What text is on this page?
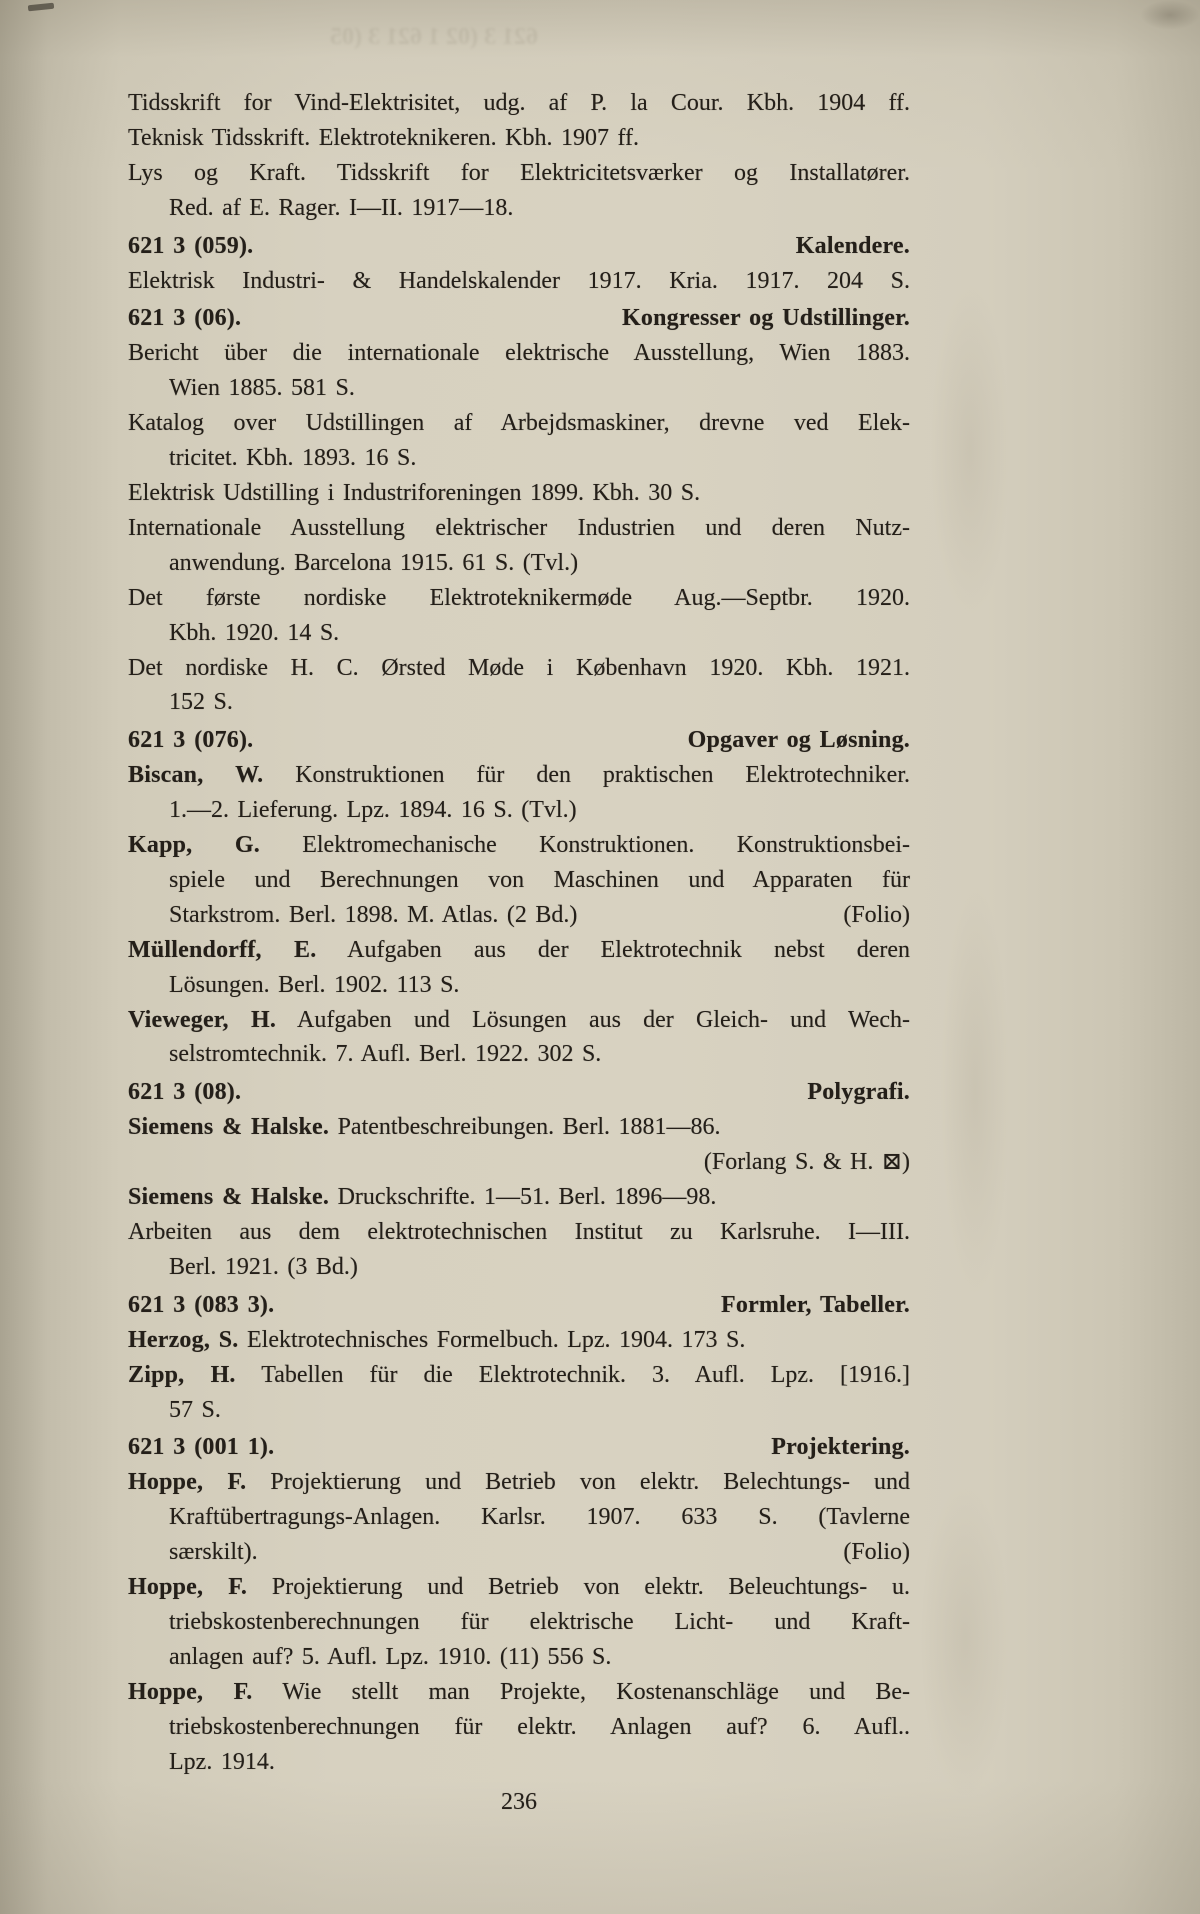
621 3 (02 1 621 3 (05
Tidsskrift for Vind-Elektrisitet, udg. af P. la Cour. Kbh. 1904 ff.
Teknisk Tidsskrift. Elektroteknikeren. Kbh. 1907 ff.
Lys og Kraft. Tidsskrift for Elektricitetsværker og Installatører.
Red. af E. Rager. I—II. 1917—18.
621 3 (059).	Kalendere.
Elektrisk Industri- & Handelskalender 1917. Kria. 1917. 204 S.
621 3 (06).	Kongresser og Udstillinger.
Bericht über die internationale elektrische Ausstellung, Wien 1883.
Wien 1885. 581 S.
Katalog over Udstillingen af Arbejdsmaskiner, drevne ved Elek-
tricitet. Kbh. 1893. 16 S.
Elektrisk Udstilling i Industriforeningen 1899. Kbh. 30 S.
Internationale Ausstellung elektrischer Industrien und deren Nutz-
anwendung. Barcelona 1915. 61 S. (Tvl.)
Det første nordiske Elektroteknikermøde Aug.—Septbr. 1920.
Kbh. 1920. 14 S.
Det nordiske H. C. Ørsted Møde i København 1920. Kbh. 1921.
152 S.
621 3 (076).	Opgaver og Løsning.
Biscan, W. Konstruktionen für den praktischen Elektrotechniker.
1.—2. Lieferung. Lpz. 1894. 16 S. (Tvl.)
Kapp, G. Elektromechanische Konstruktionen. Konstruktionsbei-
spiele und Berechnungen von Maschinen und Apparaten für
Starkstrom. Berl. 1898. M. Atlas. (2 Bd.)	(Folio)
Müllendorff, E. Aufgaben aus der Elektrotechnik nebst deren
Lösungen. Berl. 1902. 113 S.
Vieweger, H. Aufgaben und Lösungen aus der Gleich- und Wech-
selstromtechnik. 7. Aufl. Berl. 1922. 302 S.
621 3 (08).	Polygrafi.
Siemens & Halske. Patentbeschreibungen. Berl. 1881—86.
(Forlang S. & H. ⊠)
Siemens & Halske. Druckschrifte. 1—51. Berl. 1896—98.
Arbeiten aus dem elektrotechnischen Institut zu Karlsruhe. I—III.
Berl. 1921. (3 Bd.)
621 3 (083 3).	Formler, Tabeller.
Herzog, S. Elektrotechnisches Formelbuch. Lpz. 1904. 173 S.
Zipp, H. Tabellen für die Elektrotechnik. 3. Aufl. Lpz. [1916.]
57 S.
621 3 (001 1).	Projektering.
Hoppe, F. Projektierung und Betrieb von elektr. Belechtungs- und
Kraftübertragungs-Anlagen. Karlsr. 1907. 633 S. (Tavlerne
særskilt).	(Folio)
Hoppe, F. Projektierung und Betrieb von elektr. Beleuchtungs- u.
triebskostenberechnungen für elektrische Licht- und Kraft-
anlagen auf? 5. Aufl. Lpz. 1910. (11) 556 S.
Hoppe, F. Wie stellt man Projekte, Kostenanschläge und Be-
triebskostenberechnungen für elektr. Anlagen auf? 6. Aufl..
Lpz. 1914.
236
